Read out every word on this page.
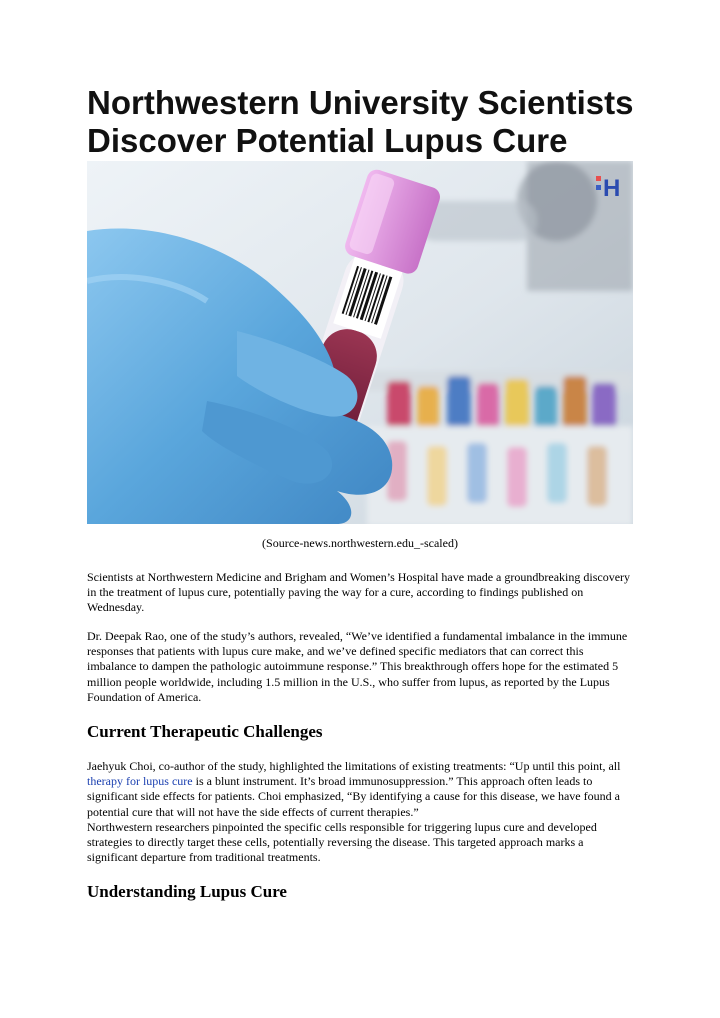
Northwestern University Scientists Discover Potential Lupus Cure
H
(Source-news.northwestern.edu_-scaled)

Scientists at Northwestern Medicine and Brigham and Women’s Hospital have made a groundbreaking discovery in the treatment of lupus cure, potentially paving the way for a cure, according to findings published on Wednesday.

Dr. Deepak Rao, one of the study’s authors, revealed, “We’ve identified a fundamental imbalance in the immune responses that patients with lupus cure make, and we’ve defined specific mediators that can correct this imbalance to dampen the pathologic autoimmune response.” This breakthrough offers hope for the estimated 5 million people worldwide, including 1.5 million in the U.S., who suffer from lupus, as reported by the Lupus Foundation of America.

Current Therapeutic Challenges

Jaehyuk Choi, co-author of the study, highlighted the limitations of existing treatments: “Up until this point, all therapy for lupus cure is a blunt instrument. It’s broad immunosuppression.” This approach often leads to significant side effects for patients. Choi emphasized, “By identifying a cause for this disease, we have found a potential cure that will not have the side effects of current therapies.”
Northwestern researchers pinpointed the specific cells responsible for triggering lupus cure and developed strategies to directly target these cells, potentially reversing the disease. This targeted approach marks a significant departure from traditional treatments.

Understanding Lupus Cure
